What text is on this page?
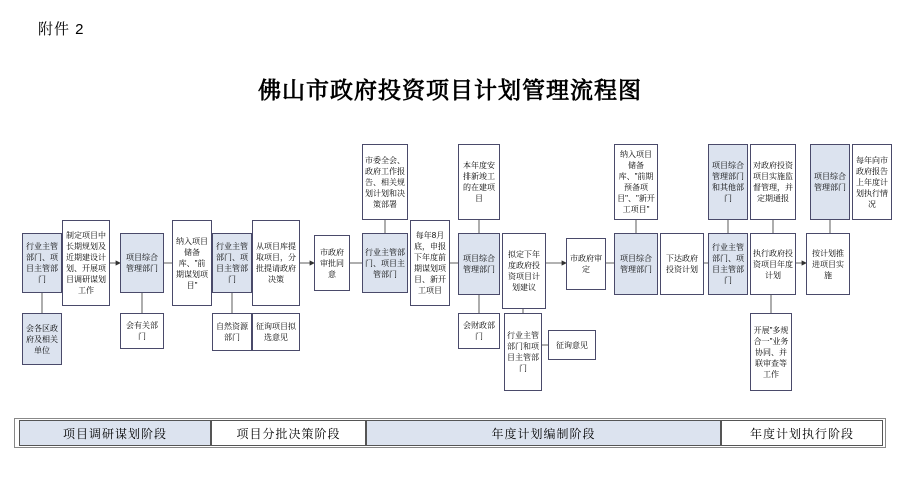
附件 2
佛山市政府投资项目计划管理流程图
行业主管部门、项目主管部门
会各区政府及相关单位
制定项目中长期规划及近期建设计划、开展项目调研谋划工作
项目综合管理部门
会有关部门
纳入项目储备库、"前期谋划项目"
行业主管部门、项目主管部门
自然资源部门
从项目库提取项目，分批提请政府决策
征询项目拟选意见
市政府审批同意
市委全会、政府工作报告、相关规划计划和决策部署
行业主管部门、项目主管部门
每年8月底，申报下年度前期谋划项目、新开工项目
本年度安排新竣工的在建项目
项目综合管理部门
会财政部门	行业主管部门和项目主管部门
征询意见
拟定下年度政府投资项目计划建议
市政府审定
纳入项目储备库、"前期预备项目"、"新开工项目"
项目综合管理部门
下达政府投资计划
项目综合管理部门和其他部门
行业主管部门、项目主管部门
开展"多规合一"业务协同、并联审查等工作
对政府投资项目实施监督管理，并定期通报
执行政府投资项目年度计划
项目综合管理部门
按计划推进项目实施
每年向市政府报告上年度计划执行情况
项目调研谋划阶段	项目分批决策阶段	年度计划编制阶段	年度计划执行阶段
